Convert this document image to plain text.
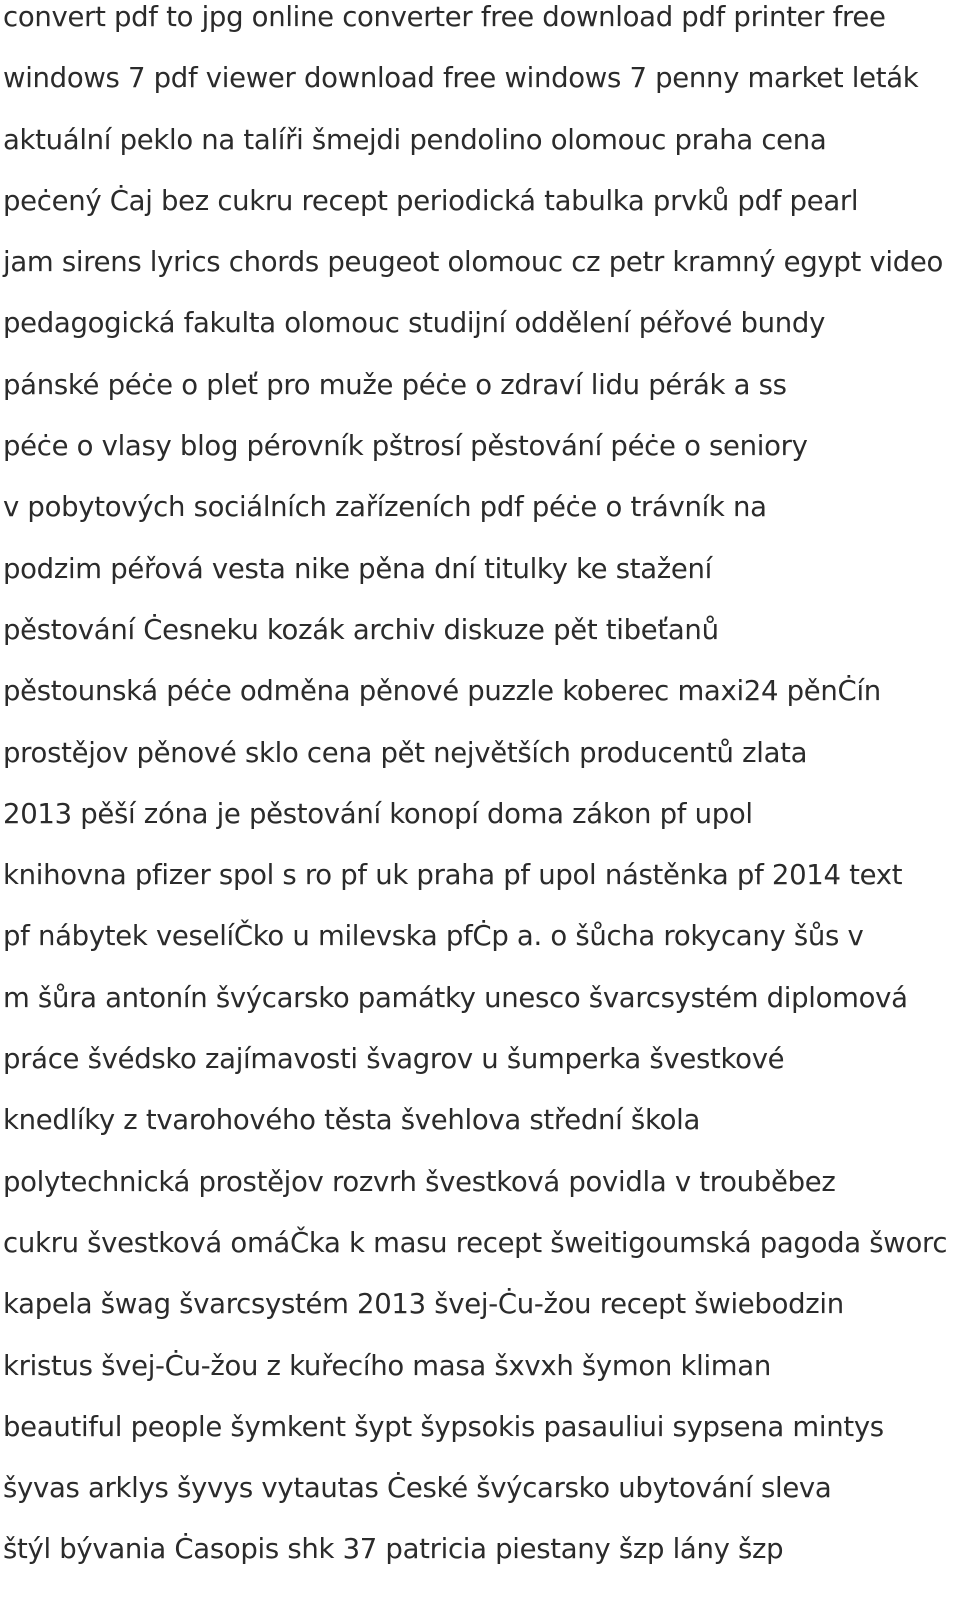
convert pdf to jpg online converter free download pdf printer free
windows 7 pdf viewer download free windows 7 penny market leták
aktuální peklo na talíři šmejdi pendolino olomouc praha cena
peċený Ċaj bez cukru recept periodická tabulka prvků pdf pearl
jam sirens lyrics chords peugeot olomouc cz petr kramný egypt video
pedagogická fakulta olomouc studijní oddělení péřové bundy
pánské péċe o pleť pro muže péċe o zdraví lidu pérák a ss
péċe o vlasy blog pérovník pštrosí pěstování péċe o seniory
v pobytových sociálních zařízeních pdf péċe o trávník na
podzim péřová vesta nike pěna dní titulky ke stažení
pěstování Ċesneku kozák archiv diskuze pět tibeťanů
pěstounská péċe odměna pěnové puzzle koberec maxi24 pěnĊín
prostějov pěnové sklo cena pět největších producentů zlata
2013 pěší zóna je pěstování konopí doma zákon pf upol
knihovna pfizer spol s ro pf uk praha pf upol nástěnka pf 2014 text
pf nábytek veselíČko u milevska pfĊp a. o šůcha rokycany šůs v
m šůra antonín švýcarsko památky unesco švarcsystém diplomová
práce švédsko zajímavosti švagrov u šumperka švestkové
knedlíky z tvarohového těsta švehlova střední škola
polytechnická prostějov rozvrh švestková povidla v trouběbez
cukru švestková omáČka k masu recept šweitigoumská pagoda šworc
kapela šwag švarcsystém 2013 švej-Ċu-žou recept šwiebodzin
kristus švej-Ċu-žou z kuřecího masa šxvxh šymon kliman
beautiful people šymkent šypt šypsokis pasauliui sypsena mintys
šyvas arklys šyvys vytautas Ċeské švýcarsko ubytování sleva
štýl bývania Ċasopis shk 37 patricia piestany šzp lány šzp
